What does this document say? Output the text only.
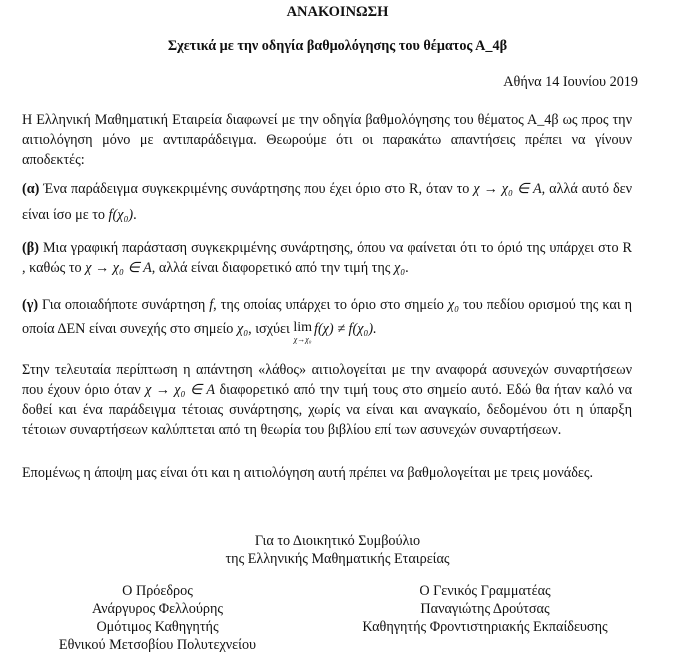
ΑΝΑΚΟΙΝΩΣΗ
Σχετικά με την οδηγία βαθμολόγησης του θέματος Α_4β
Αθήνα 14 Ιουνίου 2019
Η Ελληνική Μαθηματική Εταιρεία διαφωνεί με την οδηγία βαθμολόγησης του θέματος Α_4β ως προς την αιτιολόγηση μόνο με αντιπαράδειγμα. Θεωρούμε ότι οι παρακάτω απαντήσεις πρέπει να γίνουν αποδεκτές:
(α) Ένα παράδειγμα συγκεκριμένης συνάρτησης που έχει όριο στο R, όταν το χ → χ₀ ∈ Α, αλλά αυτό δεν είναι ίσο με το f(χ₀).
(β) Μια γραφική παράσταση συγκεκριμένης συνάρτησης, όπου να φαίνεται ότι το όριό της υπάρχει στο R , καθώς το χ → χ₀ ∈ Α, αλλά είναι διαφορετικό από την τιμή της χ₀.
(γ) Για οποιαδήποτε συνάρτηση f, της οποίας υπάρχει το όριο στο σημείο χ₀ του πεδίου ορισμού της και η οποία ΔΕΝ είναι συνεχής στο σημείο χ₀, ισχύει lim
χ→χ₀
f(χ) ≠ f(χ₀).
Στην τελευταία περίπτωση η απάντηση «λάθος» αιτιολογείται με την αναφορά ασυνεχών συναρτήσεων που έχουν όριο όταν χ → χ₀ ∈ Α διαφορετικό από την τιμή τους στο σημείο αυτό. Εδώ θα ήταν καλό να δοθεί και ένα παράδειγμα τέτοιας συνάρτησης, χωρίς να είναι και αναγκαίο, δεδομένου ότι η ύπαρξη τέτοιων συναρτήσεων καλύπτεται από τη θεωρία του βιβλίου επί των ασυνεχών συναρτήσεων.
Επομένως η άποψη μας είναι ότι και η αιτιολόγηση αυτή πρέπει να βαθμολογείται με τρεις μονάδες.
Για το Διοικητικό Συμβούλιο
της Ελληνικής Μαθηματικής Εταιρείας
Ο Πρόεδρος
Ανάργυρος Φελλούρης
Ομότιμος Καθηγητής
Εθνικού Μετσοβίου Πολυτεχνείου
Ο Γενικός Γραμματέας
Παναγιώτης Δρούτσας
Καθηγητής Φροντιστηριακής Εκπαίδευσης
